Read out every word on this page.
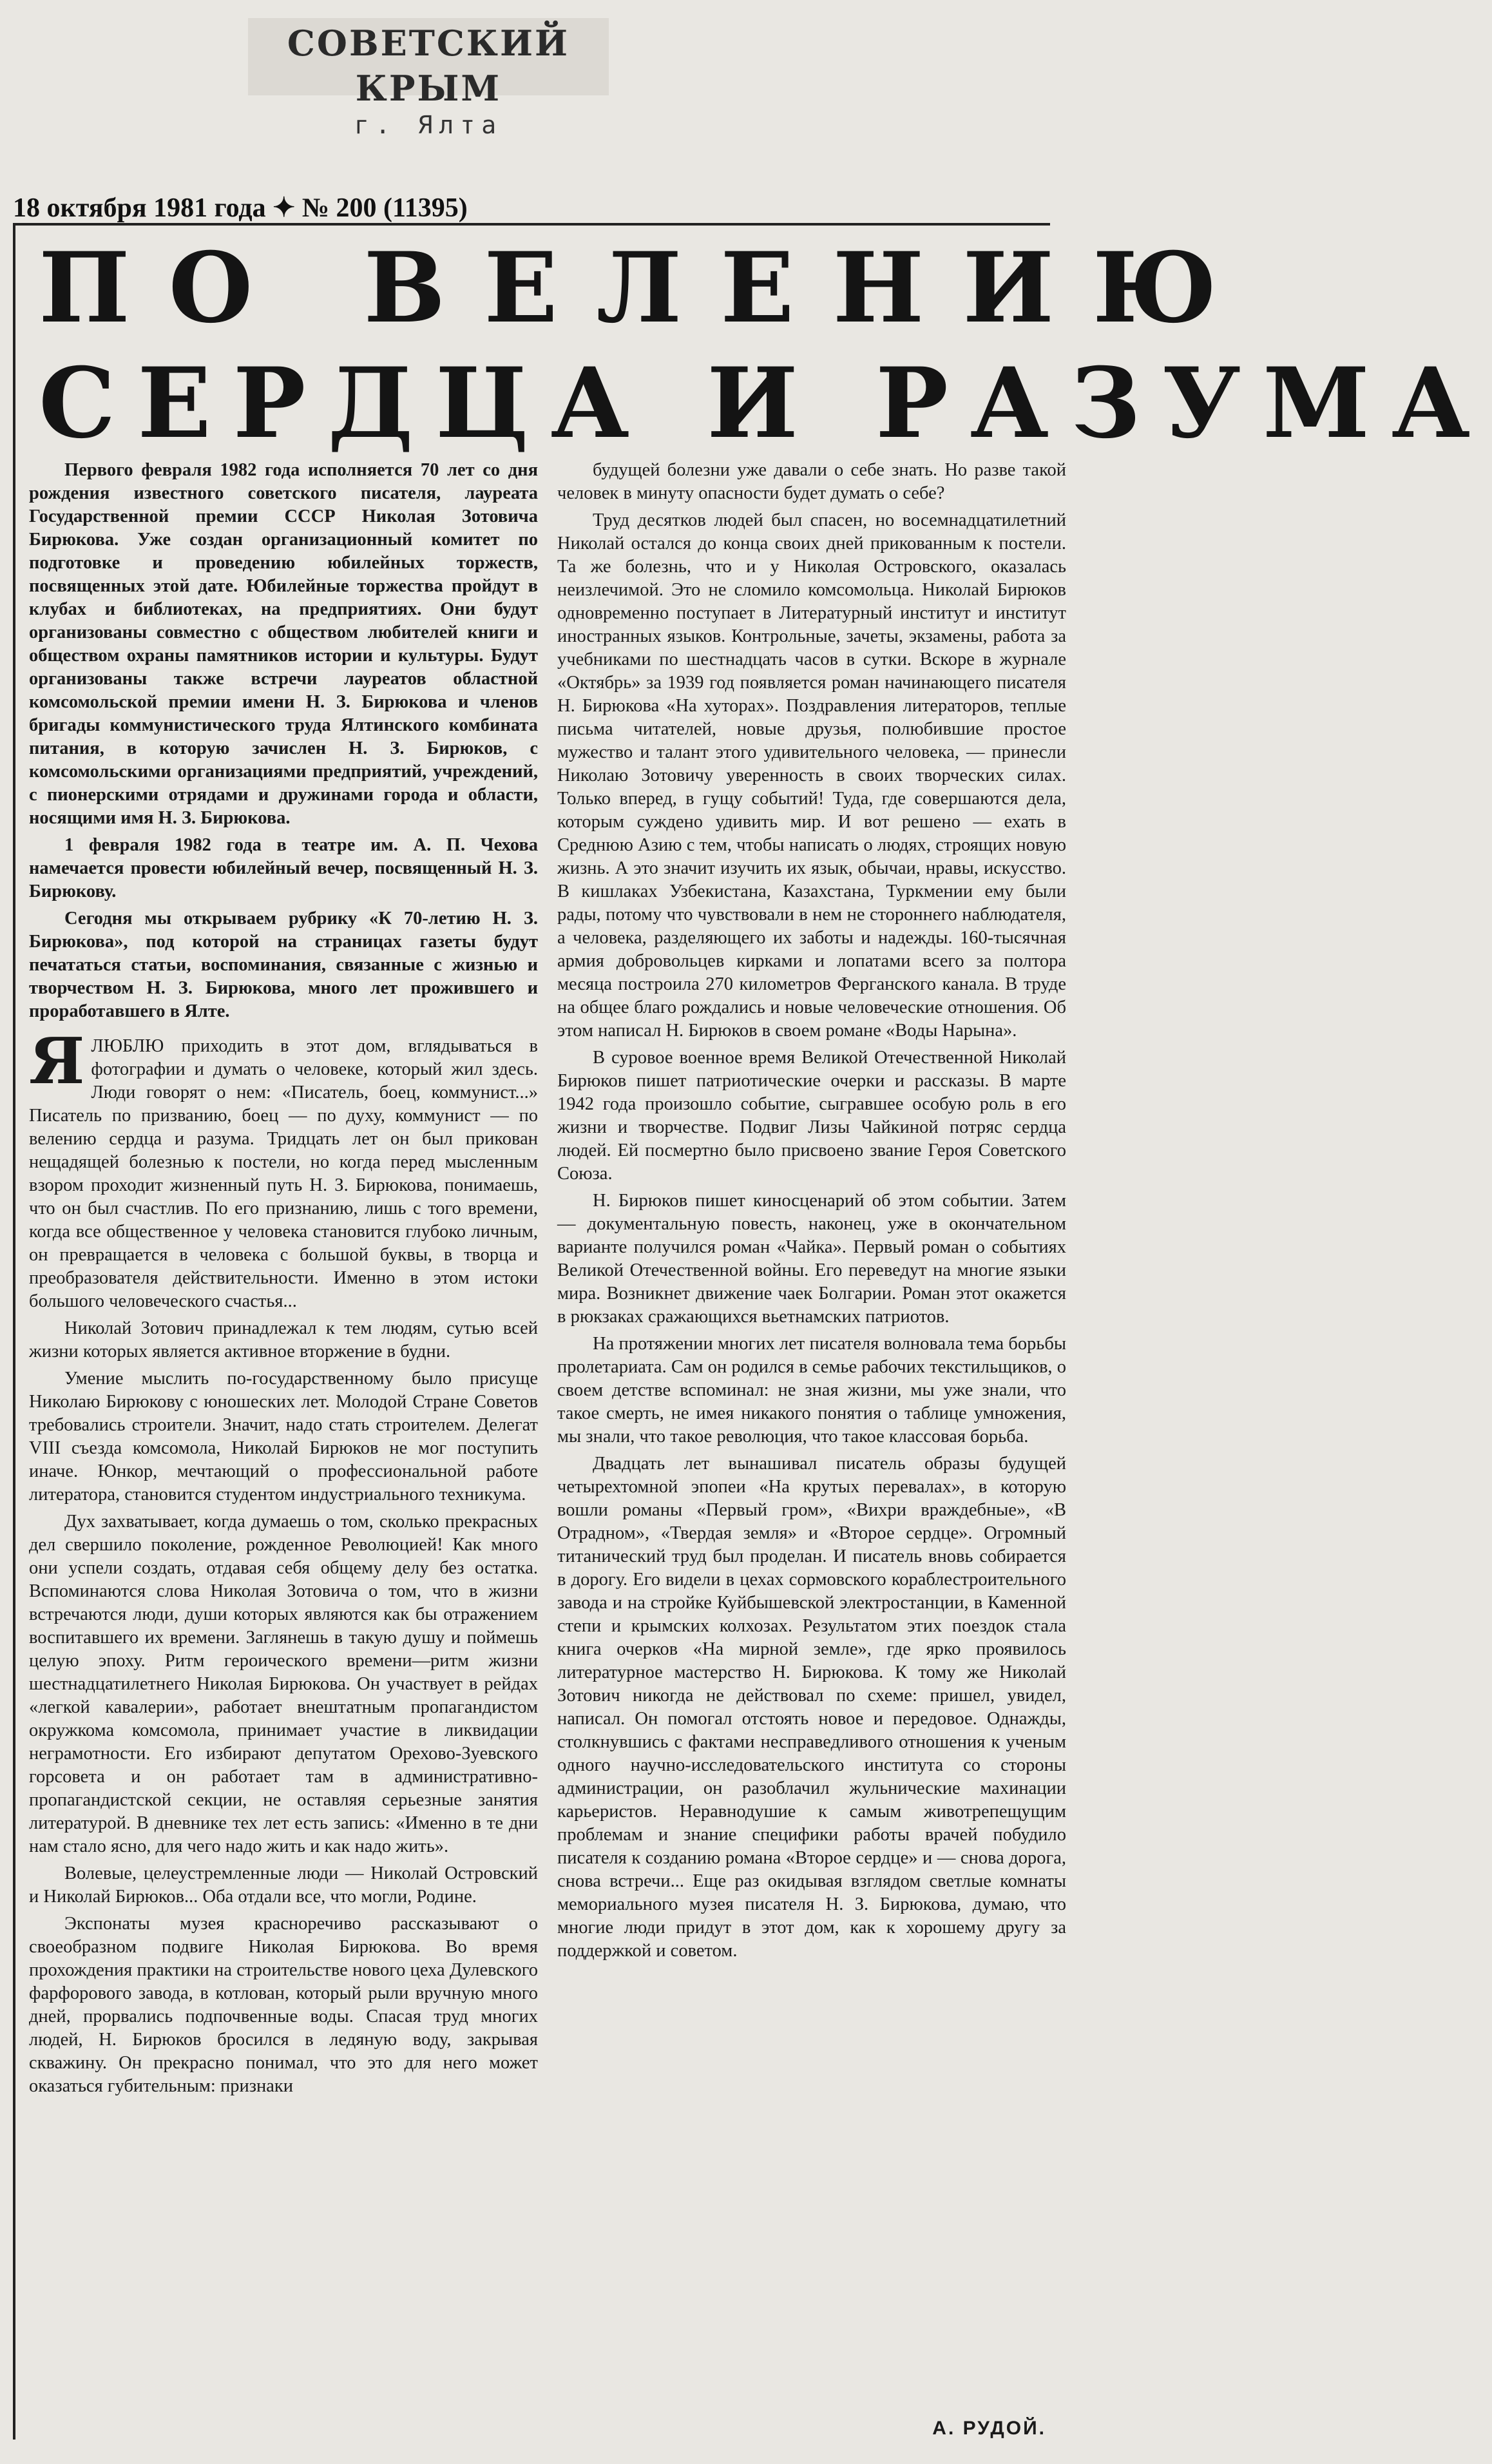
СОВЕТСКИЙ КРЫМ
г. Ялта
18 октября 1981 года ✦ № 200 (11395)
ПО ВЕЛЕНИЮ
СЕРДЦА И РАЗУМА

Первого февраля 1982 года исполняется 70 лет со дня рождения известного советского писателя, лауреата Государственной премии СССР Николая Зотовича Бирюкова. Уже создан организационный комитет по подготовке и проведению юбилейных торжеств, посвященных этой дате. Юбилейные торжества пройдут в клубах и библиотеках, на предприятиях. Они будут организованы совместно с обществом любителей книги и обществом охраны памятников истории и культуры. Будут организованы также встречи лауреатов областной комсомольской премии имени Н. З. Бирюкова и членов бригады коммунистического труда Ялтинского комбината питания, в которую зачислен Н. З. Бирюков, с комсомольскими организациями предприятий, учреждений, с пионерскими отрядами и дружинами города и области, носящими имя Н. З. Бирюкова.

1 февраля 1982 года в театре им. А. П. Чехова намечается провести юбилейный вечер, посвященный Н. З. Бирюкову.

Сегодня мы открываем рубрику «К 70-летию Н. З. Бирюкова», под которой на страницах газеты будут печататься статьи, воспоминания, связанные с жизнью и творчеством Н. З. Бирюкова, много лет прожившего и проработавшего в Ялте.

Я ЛЮБЛЮ приходить в этот дом, вглядываться в фотографии и думать о человеке, который жил здесь. Люди говорят о нем: «Писатель, боец, коммунист...» Писатель по призванию, боец — по духу, коммунист — по велению сердца и разума. Тридцать лет он был прикован нещадящей болезнью к постели, но когда перед мысленным взором проходит жизненный путь Н. З. Бирюкова, понимаешь, что он был счастлив. По его признанию, лишь с того времени, когда все общественное у человека становится глубоко личным, он превращается в человека с большой буквы, в творца и преобразователя действительности. Именно в этом истоки большого человеческого счастья...

Николай Зотович принадлежал к тем людям, сутью всей жизни которых является активное вторжение в будни.

Умение мыслить по-государственному было присуще Николаю Бирюкову с юношеских лет. Молодой Стране Советов требовались строители. Значит, надо стать строителем. Делегат VIII съезда комсомола, Николай Бирюков не мог поступить иначе. Юнкор, мечтающий о профессиональной работе литератора, становится студентом индустриального техникума.

Дух захватывает, когда думаешь о том, сколько прекрасных дел свершило поколение, рожденное Революцией! Как много они успели создать, отдавая себя общему делу без остатка. Вспоминаются слова Николая Зотовича о том, что в жизни встречаются люди, души которых являются как бы отражением воспитавшего их времени. Заглянешь в такую душу и поймешь целую эпоху. Ритм героического времени—ритм жизни шестнадцатилетнего Николая Бирюкова. Он участвует в рейдах «легкой кавалерии», работает внештатным пропагандистом окружкома комсомола, принимает участие в ликвидации неграмотности. Его избирают депутатом Орехово-Зуевского горсовета и он работает там в административно-пропагандистской секции, не оставляя серьезные занятия литературой. В дневнике тех лет есть запись: «Именно в те дни нам стало ясно, для чего надо жить и как надо жить».

Волевые, целеустремленные люди — Николай Островский и Николай Бирюков... Оба отдали все, что могли, Родине.

Экспонаты музея красноречиво рассказывают о своеобразном подвиге Николая Бирюкова. Во время прохождения практики на строительстве нового цеха Дулевского фарфорового завода, в котлован, который рыли вручную много дней, прорвались подпочвенные воды. Спасая труд многих людей, Н. Бирюков бросился в ледяную воду, закрывая скважину. Он прекрасно понимал, что это для него может оказаться губительным: признаки

будущей болезни уже давали о себе знать. Но разве такой человек в минуту опасности будет думать о себе?

Труд десятков людей был спасен, но восемнадцатилетний Николай остался до конца своих дней прикованным к постели. Та же болезнь, что и у Николая Островского, оказалась неизлечимой. Это не сломило комсомольца. Николай Бирюков одновременно поступает в Литературный институт и институт иностранных языков. Контрольные, зачеты, экзамены, работа за учебниками по шестнадцать часов в сутки. Вскоре в журнале «Октябрь» за 1939 год появляется роман начинающего писателя Н. Бирюкова «На хуторах». Поздравления литераторов, теплые письма читателей, новые друзья, полюбившие простое мужество и талант этого удивительного человека, — принесли Николаю Зотовичу уверенность в своих творческих силах. Только вперед, в гущу событий! Туда, где совершаются дела, которым суждено удивить мир. И вот решено — ехать в Среднюю Азию с тем, чтобы написать о людях, строящих новую жизнь. А это значит изучить их язык, обычаи, нравы, искусство. В кишлаках Узбекистана, Казахстана, Туркмении ему были рады, потому что чувствовали в нем не стороннего наблюдателя, а человека, разделяющего их заботы и надежды. 160-тысячная армия добровольцев кирками и лопатами всего за полтора месяца построила 270 километров Ферганского канала. В труде на общее благо рождались и новые человеческие отношения. Об этом написал Н. Бирюков в своем романе «Воды Нарына».

В суровое военное время Великой Отечественной Николай Бирюков пишет патриотические очерки и рассказы. В марте 1942 года произошло событие, сыгравшее особую роль в его жизни и творчестве. Подвиг Лизы Чайкиной потряс сердца людей. Ей посмертно было присвоено звание Героя Советского Союза.

Н. Бирюков пишет киносценарий об этом событии. Затем — документальную повесть, наконец, уже в окончательном варианте получился роман «Чайка». Первый роман о событиях Великой Отечественной войны. Его переведут на многие языки мира. Возникнет движение чаек Болгарии. Роман этот окажется в рюкзаках сражающихся вьетнамских патриотов.

На протяжении многих лет писателя волновала тема борьбы пролетариата. Сам он родился в семье рабочих текстильщиков, о своем детстве вспоминал: не зная жизни, мы уже знали, что такое смерть, не имея никакого понятия о таблице умножения, мы знали, что такое революция, что такое классовая борьба.

Двадцать лет вынашивал писатель образы будущей четырехтомной эпопеи «На крутых перевалах», в которую вошли романы «Первый гром», «Вихри враждебные», «В Отрадном», «Твердая земля» и «Второе сердце». Огромный титанический труд был проделан. И писатель вновь собирается в дорогу. Его видели в цехах сормовского кораблестроительного завода и на стройке Куйбышевской электростанции, в Каменной степи и крымских колхозах. Результатом этих поездок стала книга очерков «На мирной земле», где ярко проявилось литературное мастерство Н. Бирюкова. К тому же Николай Зотович никогда не действовал по схеме: пришел, увидел, написал. Он помогал отстоять новое и передовое. Однажды, столкнувшись с фактами несправедливого отношения к ученым одного научно-исследовательского института со стороны администрации, он разоблачил жульнические махинации карьеристов. Неравнодушие к самым животрепещущим проблемам и знание специфики работы врачей побудило писателя к созданию романа «Второе сердце» и — снова дорога, снова встречи... Еще раз окидывая взглядом светлые комнаты мемориального музея писателя Н. З. Бирюкова, думаю, что многие люди придут в этот дом, как к хорошему другу за поддержкой и советом.

А. РУДОЙ.
